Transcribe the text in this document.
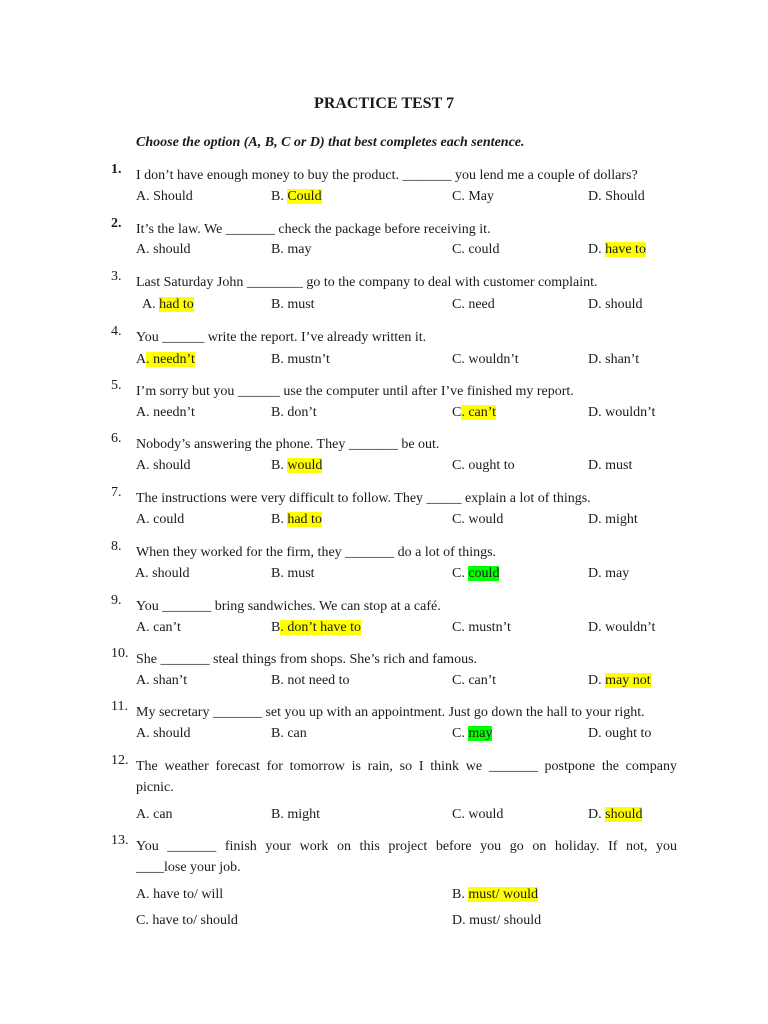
PRACTICE TEST 7
Choose the option (A, B, C or D) that best completes each sentence.
1. I don’t have enough money to buy the product. _______ you lend me a couple of dollars?
A. Should	B. Could	C. May	D. Should
2. It’s the law. We _______ check the package before receiving it.
A. should	B. may	C. could	D. have to
3. Last Saturday John ________ go to the company to deal with customer complaint.
A. had to	B. must	C. need	D. should
4. You ______ write the report. I’ve already written it.
A. needn’t	B. mustn’t	C. wouldn’t	D. shan’t
5. I’m sorry but you ______ use the computer until after I’ve finished my report.
A. needn’t	B. don’t	C. can’t	D. wouldn’t
6. Nobody’s answering the phone. They _______ be out.
A. should	B. would	C. ought to	D. must
7. The instructions were very difficult to follow. They _____ explain a lot of things.
A. could	B. had to	C. would	D. might
8. When they worked for the firm, they _______ do a lot of things.
A. should	B. must	C. could	D. may
9. You _______ bring sandwiches. We can stop at a café.
A. can’t	B. don’t have to	C. mustn’t	D. wouldn’t
10. She _______ steal things from shops. She’s rich and famous.
A. shan’t	B. not need to	C. can’t	D. may not
11. My secretary _______ set you up with an appointment. Just go down the hall to your right.
A. should	B. can	C. may	D. ought to
12. The weather forecast for tomorrow is rain, so I think we _______ postpone the company
picnic.
A. can	B. might	C. would	D. should
13. You _______ finish your work on this project before you go on holiday. If not, you
____lose your job.
A. have to/ will	B. must/ would
C. have to/ should	D. must/ should
